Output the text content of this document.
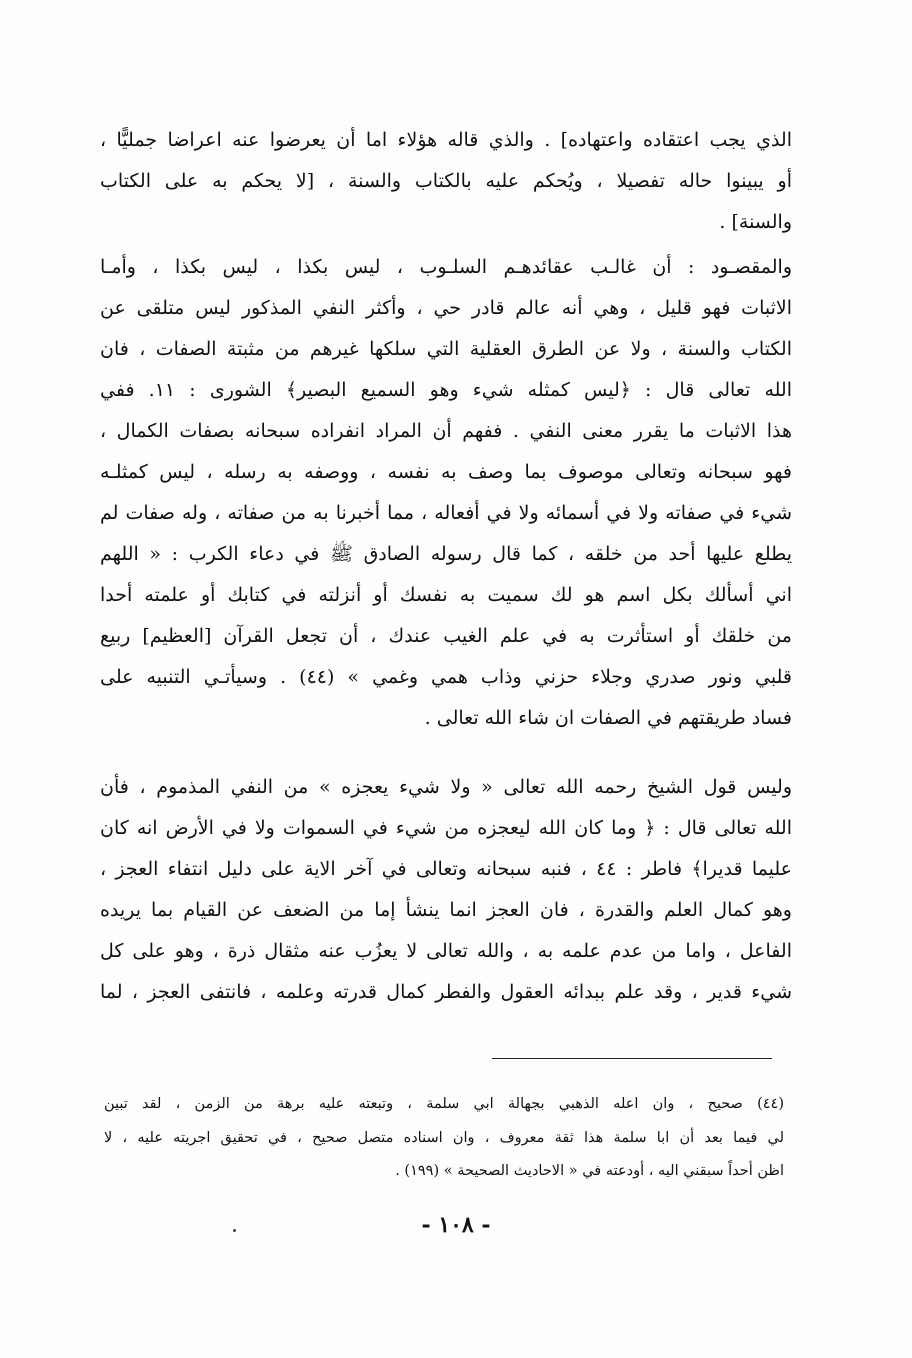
الذي يجب اعتقاده واعتهاده] . والذي قاله هؤلاء اما أن يعرضوا عنه اعراضا جمليًّا ،
أو يبينوا حاله تفصيلا ، ويُحكم عليه بالكتاب والسنة ، [لا يحكم به على الكتاب
والسنة] .
والمقصـود : أن غالـب عقائدهـم السلـوب ، ليس بكذا ، ليس بكذا ، وأمـا
الاثبات فهو قليل ، وهي أنه عالم قادر حي ، وأكثر النفي المذكور ليس متلقى عن
الكتاب والسنة ، ولا عن الطرق العقلية التي سلكها غيرهم من مثبتة الصفات ، فان
الله تعالى قال : ﴿ليس كمثله شيء وهو السميع البصير﴾ الشورى : ١١. ففي
هذا الاثبات ما يقرر معنى النفي . ففهم أن المراد انفراده سبحانه بصفات الكمال ،
فهو سبحانه وتعالى موصوف بما وصف به نفسه ، ووصفه به رسله ، ليس كمثلـه
شيء في صفاته ولا في أسمائه ولا في أفعاله ، مما أخبرنا به من صفاته ، وله صفات لم
يطلع عليها أحد من خلقه ، كما قال رسوله الصادق ﷺ في دعاء الكرب : « اللهم
اني أسألك بكل اسم هو لك سميت به نفسك أو أنزلته في كتابك أو علمته أحدا
من خلقك أو استأثرت به في علم الغيب عندك ، أن تجعل القرآن [العظيم] ربيع
قلبي ونور صدري وجلاء حزني وذاب همي وغمي » (٤٤) . وسيأتـي التنبيه على
فساد طريقتهم في الصفات ان شاء الله تعالى .
وليس قول الشيخ رحمه الله تعالى « ولا شيء يعجزه » من النفي المذموم ، فأن
الله تعالى قال : ﴿ وما كان الله ليعجزه من شيء في السموات ولا في الأرض انه كان
عليما قديرا﴾ فاطر : ٤٤ ، فنبه سبحانه وتعالى في آخر الاية على دليل انتفاء العجز ،
وهو كمال العلم والقدرة ، فان العجز انما ينشأ إما من الضعف عن القيام بما يريده
الفاعل ، واما من عدم علمه به ، والله تعالى لا يعزُب عنه مثقال ذرة ، وهو على كل
شيء قدير ، وقد علم ببدائه العقول والفطر كمال قدرته وعلمه ، فانتفى العجز ، لما
(٤٤) صحيح ، وان اعله الذهبي بجهالة ابي سلمة ، وتبعته عليه برهة من الزمن ، لقد تبين
لي فيما بعد أن ابا سلمة هذا ثقة معروف ، وان اسناده متصل صحيح ، في تحقيق اجريته عليه ، لا
اظن أحداً سبقني اليه ، أودعته في « الاحاديث الصحيحة » (١٩٩) .
- ١٠٨ -
